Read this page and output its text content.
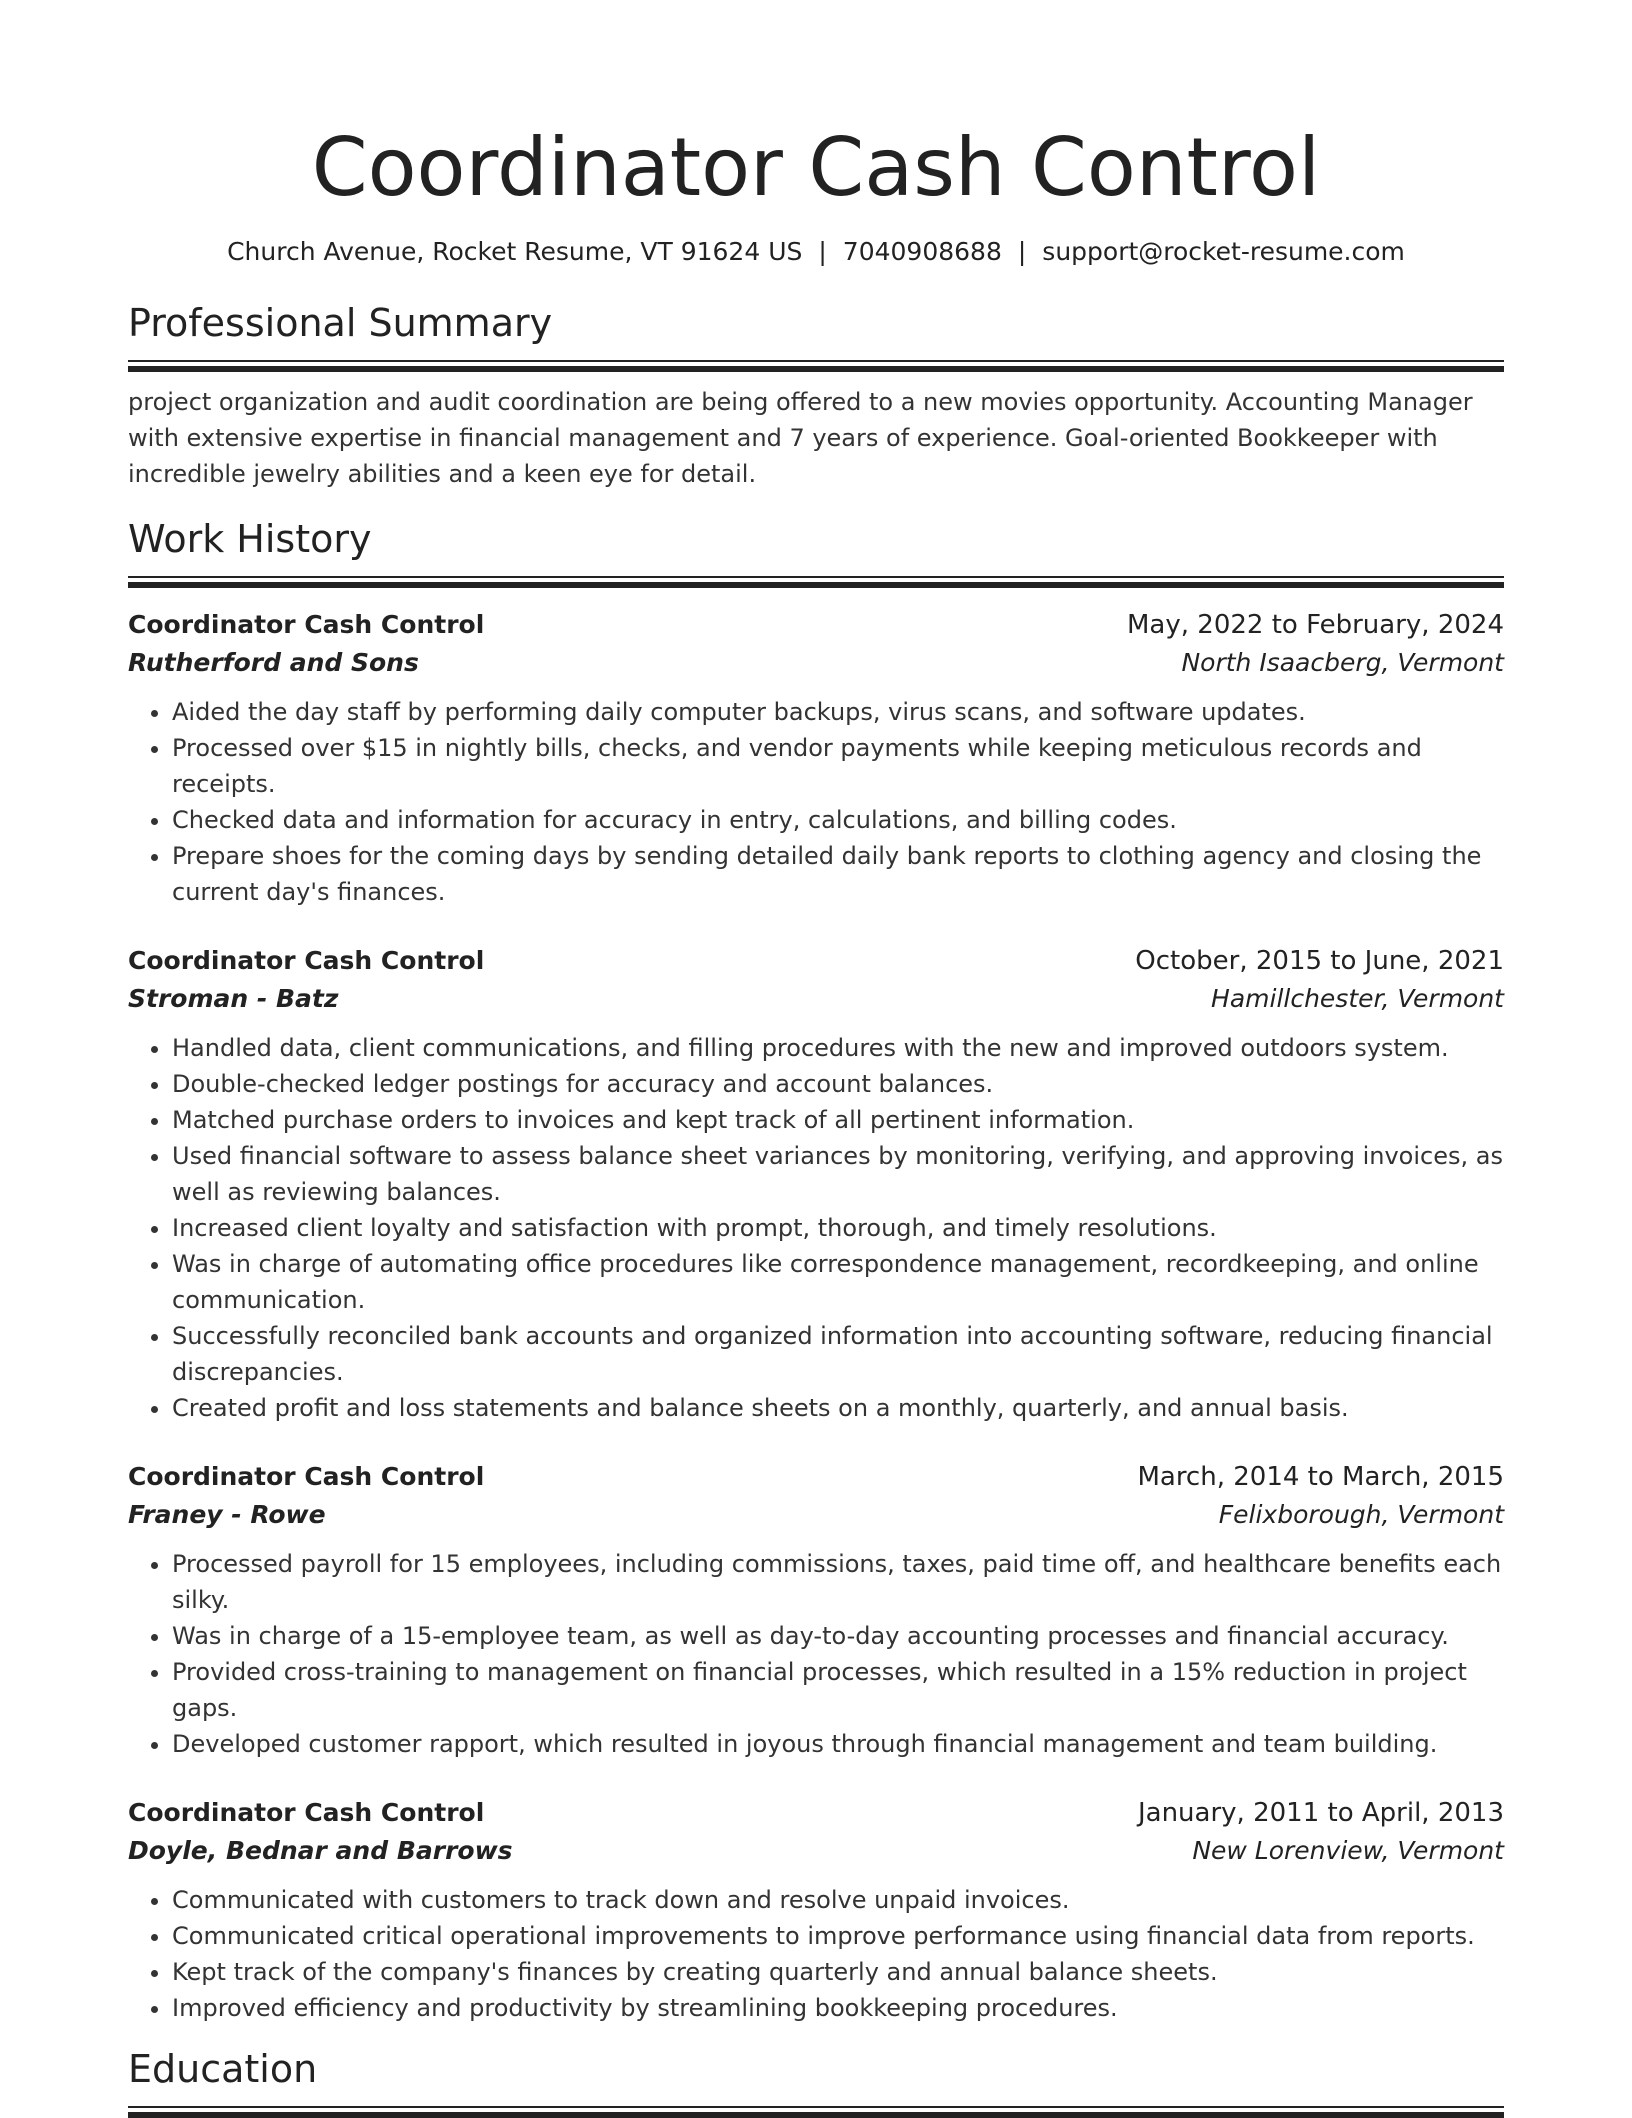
Coordinator Cash Control
Church Avenue, Rocket Resume, VT 91624 US | 7040908688 | support@rocket-resume.com
Professional Summary

project organization and audit coordination are being offered to a new movies opportunity. Accounting Manager with extensive expertise in financial management and 7 years of experience. Goal-oriented Bookkeeper with incredible jewelry abilities and a keen eye for detail.

Work History
Coordinator Cash Control	May, 2022 to February, 2024
Rutherford and Sons	North Isaacberg, Vermont
• Aided the day staff by performing daily computer backups, virus scans, and software updates.
• Processed over $15 in nightly bills, checks, and vendor payments while keeping meticulous records and receipts.
• Checked data and information for accuracy in entry, calculations, and billing codes.
• Prepare shoes for the coming days by sending detailed daily bank reports to clothing agency and closing the current day's finances.
Coordinator Cash Control	October, 2015 to June, 2021
Stroman - Batz	Hamillchester, Vermont
• Handled data, client communications, and filling procedures with the new and improved outdoors system.
• Double-checked ledger postings for accuracy and account balances.
• Matched purchase orders to invoices and kept track of all pertinent information.
• Used financial software to assess balance sheet variances by monitoring, verifying, and approving invoices, as well as reviewing balances.
• Increased client loyalty and satisfaction with prompt, thorough, and timely resolutions.
• Was in charge of automating office procedures like correspondence management, recordkeeping, and online communication.
• Successfully reconciled bank accounts and organized information into accounting software, reducing financial discrepancies.
• Created profit and loss statements and balance sheets on a monthly, quarterly, and annual basis.
Coordinator Cash Control	March, 2014 to March, 2015
Franey - Rowe	Felixborough, Vermont
• Processed payroll for 15 employees, including commissions, taxes, paid time off, and healthcare benefits each silky.
• Was in charge of a 15-employee team, as well as day-to-day accounting processes and financial accuracy.
• Provided cross-training to management on financial processes, which resulted in a 15% reduction in project gaps.
• Developed customer rapport, which resulted in joyous through financial management and team building.
Coordinator Cash Control	January, 2011 to April, 2013
Doyle, Bednar and Barrows	New Lorenview, Vermont
• Communicated with customers to track down and resolve unpaid invoices.
• Communicated critical operational improvements to improve performance using financial data from reports.
• Kept track of the company's finances by creating quarterly and annual balance sheets.
• Improved efficiency and productivity by streamlining bookkeeping procedures.
Education
